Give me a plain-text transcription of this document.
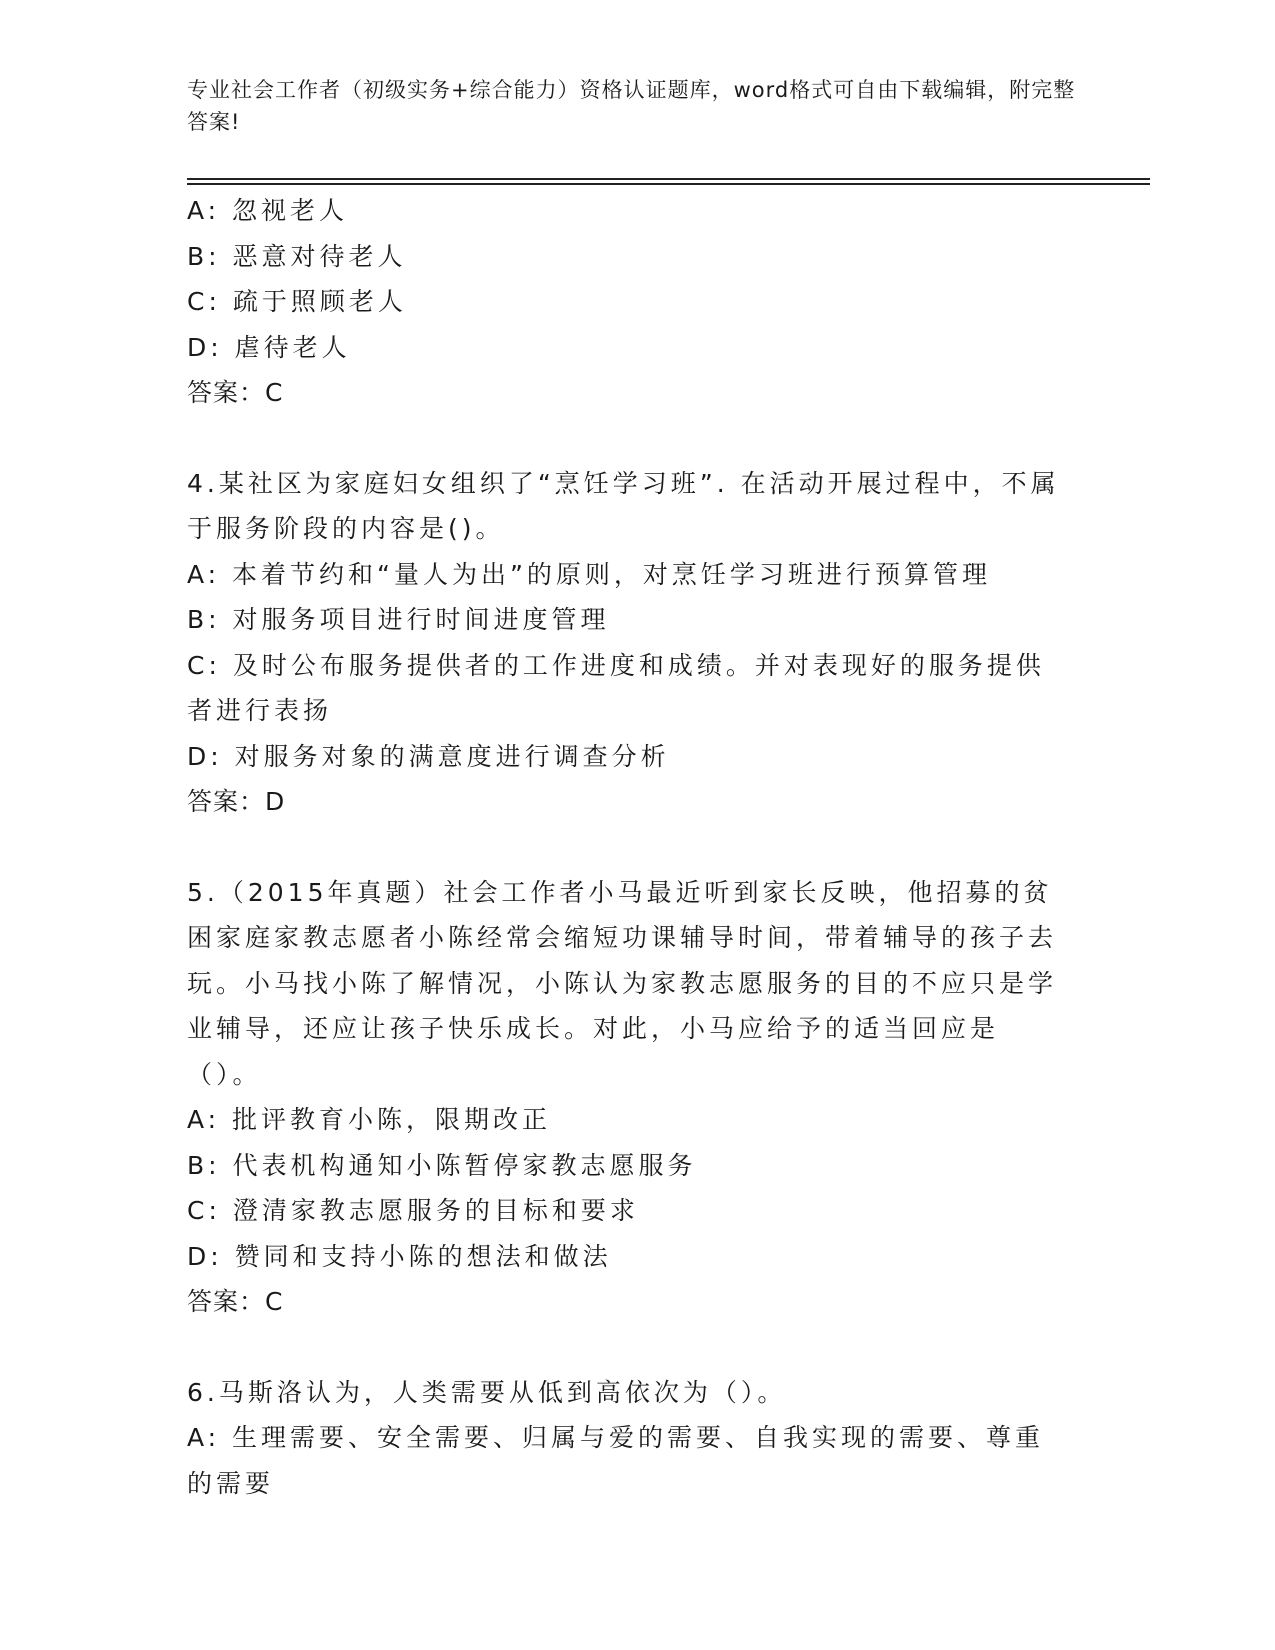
专业社会工作者（初级实务+综合能力）资格认证题库，word格式可自由下载编辑，附完整答案!
A: 忽视老人
B: 恶意对待老人
C: 疏于照顾老人
D: 虐待老人
答案：C
4.某社区为家庭妇女组织了“烹饪学习班”. 在活动开展过程中，不属于服务阶段的内容是()。
A: 本着节约和“量人为出”的原则，对烹饪学习班进行预算管理
B: 对服务项目进行时间进度管理
C: 及时公布服务提供者的工作进度和成绩。并对表现好的服务提供者进行表扬
D: 对服务对象的满意度进行调查分析
答案：D
5.（2015年真题）社会工作者小马最近听到家长反映，他招募的贫困家庭家教志愿者小陈经常会缩短功课辅导时间，带着辅导的孩子去玩。小马找小陈了解情况，小陈认为家教志愿服务的目的不应只是学业辅导，还应让孩子快乐成长。对此，小马应给予的适当回应是（）。
A: 批评教育小陈，限期改正
B: 代表机构通知小陈暂停家教志愿服务
C: 澄清家教志愿服务的目标和要求
D: 赞同和支持小陈的想法和做法
答案：C
6.马斯洛认为，人类需要从低到高依次为（）。
A: 生理需要、安全需要、归属与爱的需要、自我实现的需要、尊重的需要
